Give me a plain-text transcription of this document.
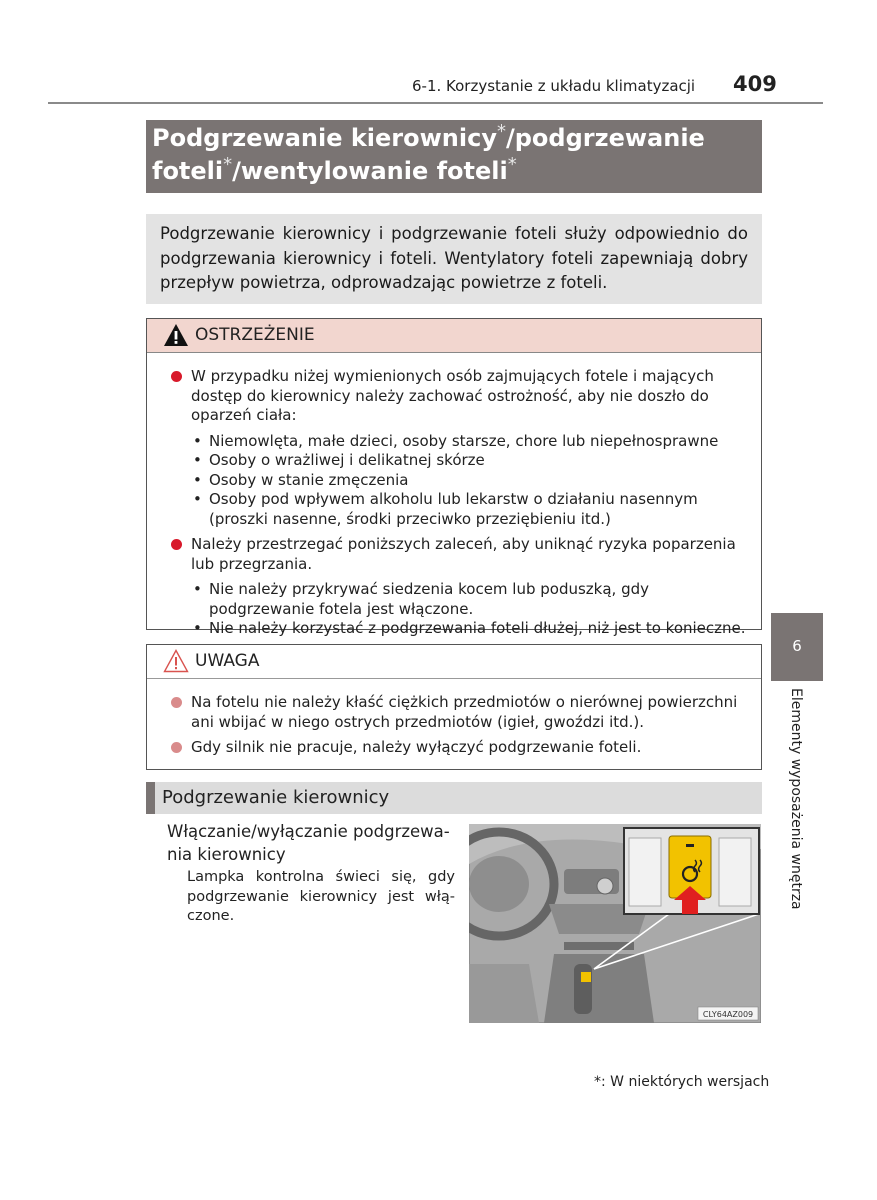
6-1. Korzystanie z układu klimatyzacji 409
Podgrzewanie kierownicy*/podgrzewanie
foteli*/wentylowanie foteli*
Podgrzewanie kierownicy i podgrzewanie foteli służy odpowiednio do podgrzewania kierownicy i foteli. Wentylatory foteli zapewniają dobry przepływ powietrza, odprowadzając powietrze z foteli.
OSTRZEŻENIE
W przypadku niżej wymienionych osób zajmujących fotele i mających dostęp do kierownicy należy zachować ostrożność, aby nie doszło do oparzeń ciała:
• Niemowlęta, małe dzieci, osoby starsze, chore lub niepełnosprawne
• Osoby o wrażliwej i delikatnej skórze
• Osoby w stanie zmęczenia
• Osoby pod wpływem alkoholu lub lekarstw o działaniu nasennym (proszki nasenne, środki przeciwko przeziębieniu itd.)
Należy przestrzegać poniższych zaleceń, aby uniknąć ryzyka poparzenia lub przegrzania.
• Nie należy przykrywać siedzenia kocem lub poduszką, gdy podgrzewanie fotela jest włączone.
• Nie należy korzystać z podgrzewania foteli dłużej, niż jest to konieczne.
UWAGA
Na fotelu nie należy kłaść ciężkich przedmiotów o nierównej powierzchni ani wbijać w niego ostrych przedmiotów (igieł, gwoździ itd.).
Gdy silnik nie pracuje, należy wyłączyć podgrzewanie foteli.
Podgrzewanie kierownicy
Włączanie/wyłączanie podgrzewa-nia kierownicy
Lampka kontrolna świeci się, gdy podgrzewanie kierownicy jest włą-czone.
CLY64AZ009
6
Elementy wyposażenia wnętrza
*: W niektórych wersjach
